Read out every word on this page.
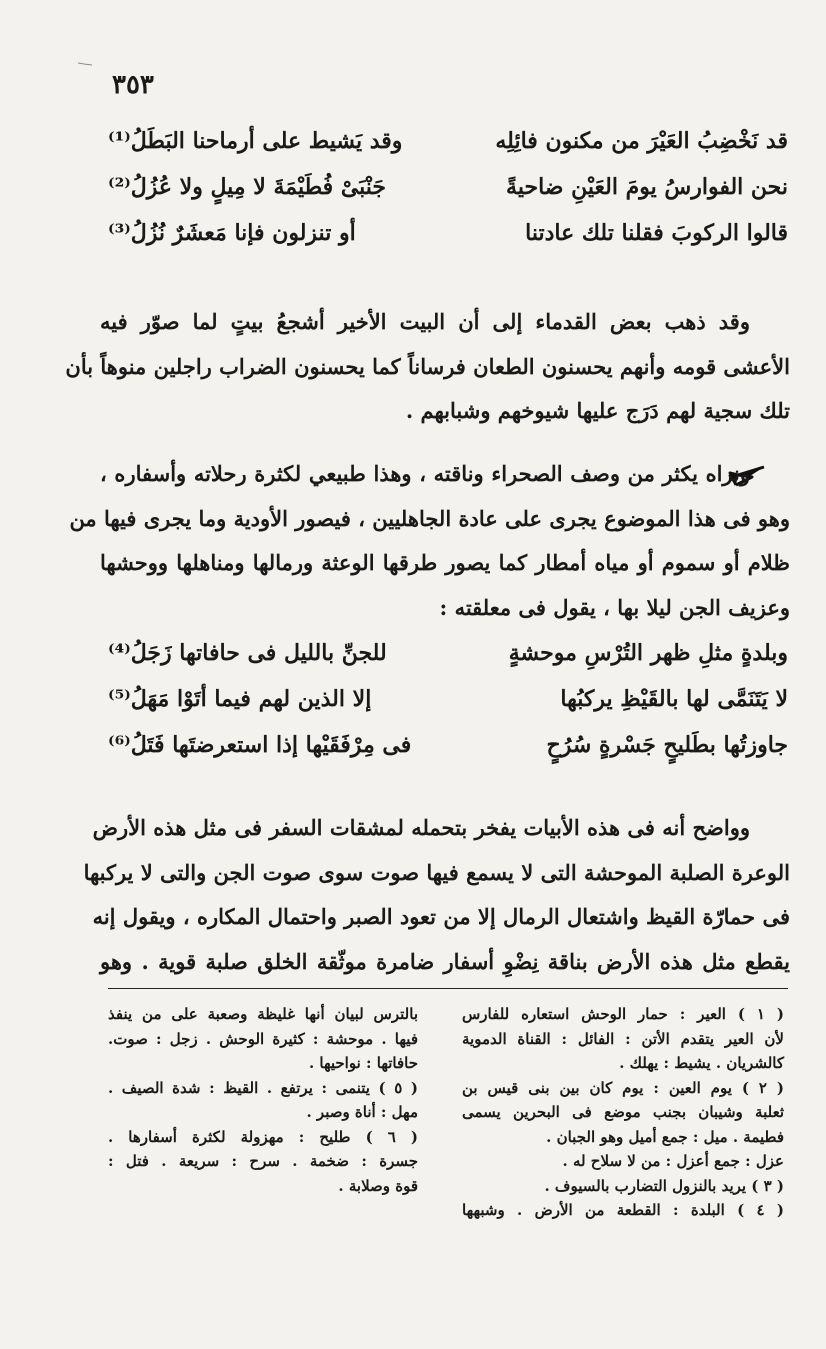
٣٥٣
قد نَخْضِبُ العَيْرَ من مكنون فائِلِه
وقد يَشيط على أرماحنا البَطَلُ⁽¹⁾
نحن الفوارسُ يومَ العَيْنِ ضاحيةً
جَنْبَىْ فُطَيْمَةَ لا مِيلٍ ولا عُزُلُ⁽²⁾
قالوا الركوبَ فقلنا تلك عادتنا
أو تنزلون فإنا مَعشَرٌ نُزُلُ⁽³⁾
وقد ذهب بعض القدماء إلى أن البيت الأخير أشجعُ بيتٍ لما صوّر فيه
الأعشى قومه وأنهم يحسنون الطعان فرساناً كما يحسنون الضراب راجلين منوهاً بأن
تلك سجية لهم دَرَج عليها شيوخهم وشبابهم .
ونراه يكثر من وصف الصحراء وناقته ، وهذا طبيعي لكثرة رحلاته وأسفاره ،
وهو فى هذا الموضوع يجرى على عادة الجاهليين ، فيصور الأودية وما يجرى فيها من
ظلام أو سموم أو مياه أمطار كما يصور طرقها الوعثة ورمالها ومناهلها ووحشها
وعزيف الجن ليلا بها ، يقول فى معلقته :
وبلدةٍ مثلِ ظهر التُرْسِ موحشةٍ
للجنِّ بالليل فى حافاتها زَجَلُ⁽⁴⁾
لا يَتَنَمَّى لها بالقَيْظِ يركبُها
إلا الذين لهم فيما أتَوْا مَهَلُ⁽⁵⁾
جاوزتُها بطَليحٍ جَسْرةٍ سُرُحٍ
فى مِرْفَقَيْها إذا استعرضتَها فَتَلُ⁽⁶⁾
وواضح أنه فى هذه الأبيات يفخر بتحمله لمشقات السفر فى مثل هذه الأرض
الوعرة الصلبة الموحشة التى لا يسمع فيها صوت سوى صوت الجن والتى لا يركبها
فى حمارّة القيظ واشتعال الرمال إلا من تعود الصبر واحتمال المكاره ، ويقول إنه
يقطع مثل هذه الأرض بناقة نِضْوِ أسفار ضامرة موثّقة الخلق صلبة قوية . وهو
( ١ ) العير : حمار الوحش استعاره للفارس
لأن العير يتقدم الأتن : الفائل : القناة الدموية
كالشريان . يشيط : يهلك .
( ٢ ) يوم العين : يوم كان بين بنى قيس بن
ثعلبة وشيبان بجنب موضع فى البحرين يسمى
فطيمة . ميل : جمع أميل وهو الجبان .
عزل : جمع أعزل : من لا سلاح له .
( ٣ ) يريد بالنزول التضارب بالسيوف .
( ٤ ) البلدة : القطعة من الأرض . وشبهها
بالترس لبيان أنها غليظة وصعبة على من ينفذ
فيها . موحشة : كثيرة الوحش . زجل : صوت.
حافاتها : نواحيها .
( ٥ ) يتنمى : يرتفع . القيظ : شدة الصيف .
مهل : أناة وصبر .
( ٦ ) طليح : مهزولة لكثرة أسفارها .
جسرة : ضخمة . سرح : سريعة . فتل :
قوة وصلابة .
